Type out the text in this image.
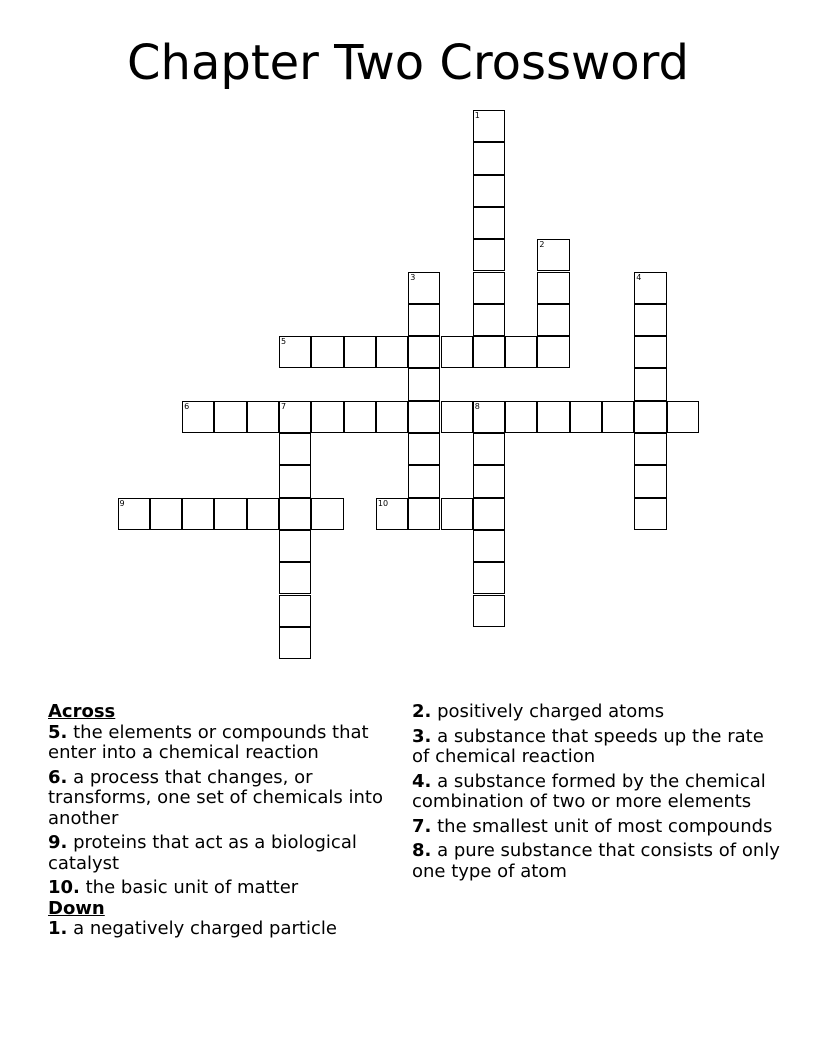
Chapter Two Crossword
1
2
3	4
5
6	7	8
9	10

Across

5. the elements or compounds that enter into a chemical reaction

6. a process that changes, or transforms, one set of chemicals into another

9. proteins that act as a biological catalyst

10. the basic unit of matter

Down

1. a negatively charged particle

2. positively charged atoms

3. a substance that speeds up the rate of chemical reaction

4. a substance formed by the chemical combination of two or more elements

7. the smallest unit of most compounds

8. a pure substance that consists of only one type of atom
